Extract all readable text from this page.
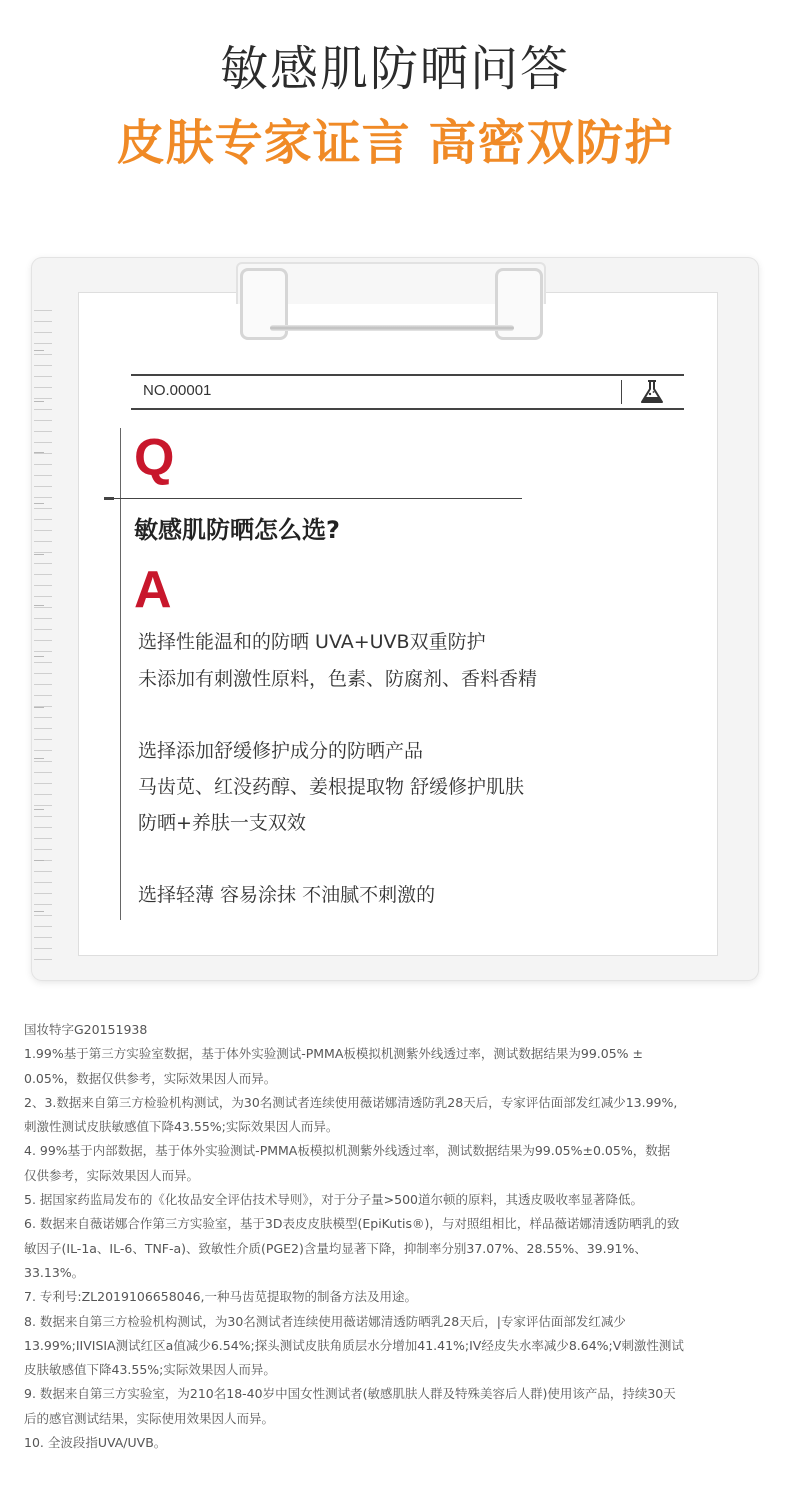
敏感肌防晒问答
皮肤专家证言 高密双防护
NO.00001
Q
敏感肌防晒怎么选?
A
选择性能温和的防晒 UVA+UVB双重防护
未添加有刺激性原料，色素、防腐剂、香料香精
选择添加舒缓修护成分的防晒产品
马齿苋、红没药醇、姜根提取物 舒缓修护肌肤
防晒+养肤一支双效
选择轻薄 容易涂抹 不油腻不刺激的
国妆特字G20151938
1.99%基于第三方实验室数据，基于体外实验测试-PMMA板模拟机测紫外线透过率，测试数据结果为99.05% ±
0.05%，数据仅供参考，实际效果因人而异。
2、3.数据来自第三方检验机构测试，为30名测试者连续使用薇诺娜清透防乳28天后，专家评估面部发红减少13.99%,
刺激性测试皮肤敏感值下降43.55%;实际效果因人而异。
4. 99%基于内部数据，基于体外实验测试-PMMA板模拟机测紫外线透过率，测试数据结果为99.05%±0.05%，数据
仅供参考，实际效果因人而异。
5. 据国家药监局发布的《化妆品安全评估技术导则》，对于分子量>500道尔顿的原料，其透皮吸收率显著降低。
6. 数据来自薇诺娜合作第三方实验室，基于3D表皮皮肤模型(EpiKutis®)，与对照组相比，样品薇诺娜清透防晒乳的致
敏因子(IL-1a、IL-6、TNF-a)、致敏性介质(PGE2)含量均显著下降，抑制率分别37.07%、28.55%、39.91%、
33.13%。
7. 专利号:ZL2019106658046,一种马齿苋提取物的制备方法及用途。
8. 数据来自第三方检验机构测试，为30名测试者连续使用薇诺娜清透防晒乳28天后，|专家评估面部发红减少
13.99%;IIVISIA测试红区a值减少6.54%;探头测试皮肤角质层水分增加41.41%;IV经皮失水率减少8.64%;V刺激性测试
皮肤敏感值下降43.55%;实际效果因人而异。
9. 数据来自第三方实验室，为210名18-40岁中国女性测试者(敏感肌肤人群及特殊美容后人群)使用该产品，持续30天
后的感官测试结果，实际使用效果因人而异。
10. 全波段指UVA/UVB。
